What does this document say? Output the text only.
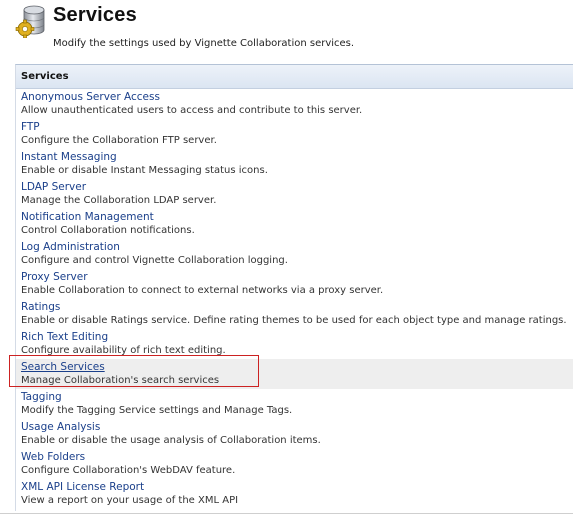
Services
Modify the settings used by Vignette Collaboration services.
Services
Anonymous Server Access
Allow unauthenticated users to access and contribute to this server.
FTP
Configure the Collaboration FTP server.
Instant Messaging
Enable or disable Instant Messaging status icons.
LDAP Server
Manage the Collaboration LDAP server.
Notification Management
Control Collaboration notifications.
Log Administration
Configure and control Vignette Collaboration logging.
Proxy Server
Enable Collaboration to connect to external networks via a proxy server.
Ratings
Enable or disable Ratings service. Define rating themes to be used for each object type and manage ratings.
Rich Text Editing
Configure availability of rich text editing.
Search Services
Manage Collaboration's search services
Tagging
Modify the Tagging Service settings and Manage Tags.
Usage Analysis
Enable or disable the usage analysis of Collaboration items.
Web Folders
Configure Collaboration's WebDAV feature.
XML API License Report
View a report on your usage of the XML API
